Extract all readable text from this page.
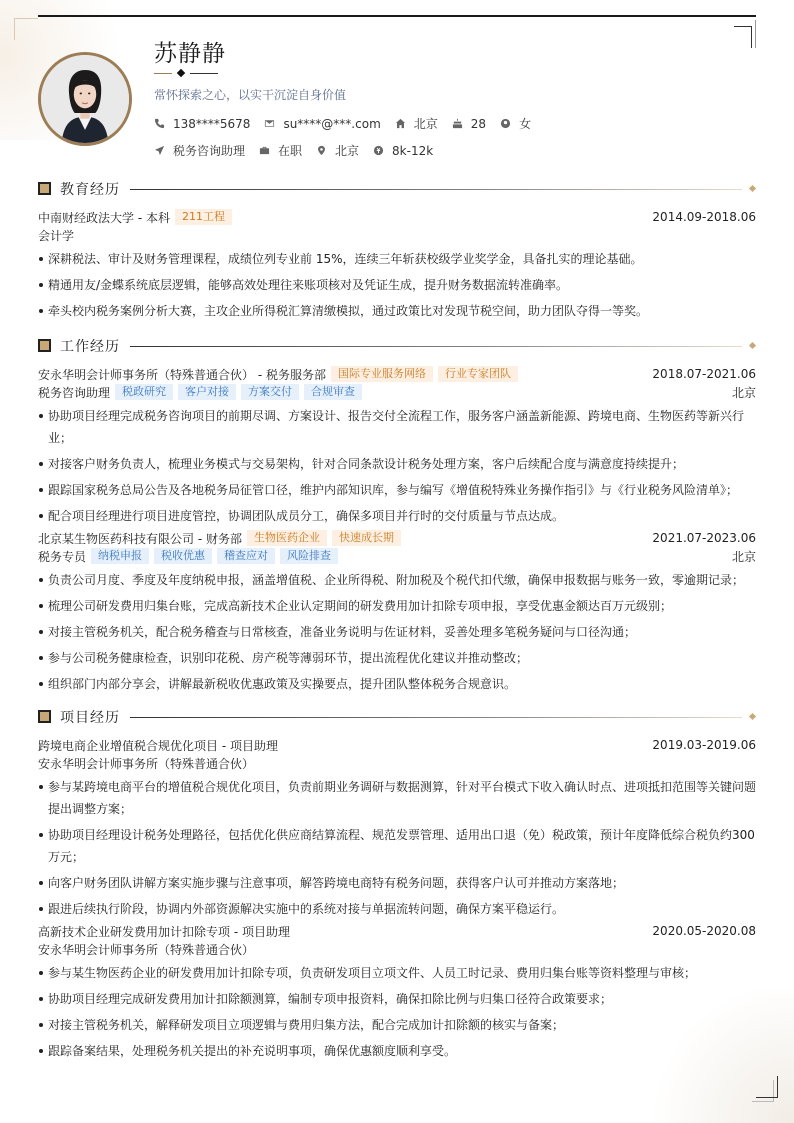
苏静静
常怀探索之心，以实干沉淀自身价值
138****5678	su****@***.com	北京	28	女
税务咨询助理	在职	北京	8k-12k
教育经历
中南财经政法大学 - 本科	211工程	2014.09-2018.06
会计学
深耕税法、审计及财务管理课程，成绩位列专业前 15%，连续三年斩获校级学业奖学金，具备扎实的理论基础。
精通用友/金蝶系统底层逻辑，能够高效处理往来账项核对及凭证生成，提升财务数据流转准确率。
牵头校内税务案例分析大赛，主攻企业所得税汇算清缴模拟，通过政策比对发现节税空间，助力团队夺得一等奖。
工作经历
安永华明会计师事务所（特殊普通合伙） - 税务服务部	国际专业服务网络	行业专家团队	2018.07-2021.06
税务咨询助理	税政研究	客户对接	方案交付	合规审查	北京
协助项目经理完成税务咨询项目的前期尽调、方案设计、报告交付全流程工作，服务客户涵盖新能源、跨境电商、生物医药等新兴行业；
对接客户财务负责人，梳理业务模式与交易架构，针对合同条款设计税务处理方案，客户后续配合度与满意度持续提升；
跟踪国家税务总局公告及各地税务局征管口径，维护内部知识库，参与编写《增值税特殊业务操作指引》与《行业税务风险清单》；
配合项目经理进行项目进度管控，协调团队成员分工，确保多项目并行时的交付质量与节点达成。
北京某生物医药科技有限公司 - 财务部	生物医药企业	快速成长期	2021.07-2023.06
税务专员	纳税申报	税收优惠	稽查应对	风险排查	北京
负责公司月度、季度及年度纳税申报，涵盖增值税、企业所得税、附加税及个税代扣代缴，确保申报数据与账务一致，零逾期记录；
梳理公司研发费用归集台账，完成高新技术企业认定期间的研发费用加计扣除专项申报，享受优惠金额达百万元级别；
对接主管税务机关，配合税务稽查与日常核查，准备业务说明与佐证材料，妥善处理多笔税务疑问与口径沟通；
参与公司税务健康检查，识别印花税、房产税等薄弱环节，提出流程优化建议并推动整改；
组织部门内部分享会，讲解最新税收优惠政策及实操要点，提升团队整体税务合规意识。
项目经历
跨境电商企业增值税合规优化项目 - 项目助理	2019.03-2019.06
安永华明会计师事务所（特殊普通合伙）
参与某跨境电商平台的增值税合规优化项目，负责前期业务调研与数据测算，针对平台模式下收入确认时点、进项抵扣范围等关键问题提出调整方案；
协助项目经理设计税务处理路径，包括优化供应商结算流程、规范发票管理、适用出口退（免）税政策，预计年度降低综合税负约300万元；
向客户财务团队讲解方案实施步骤与注意事项，解答跨境电商特有税务问题，获得客户认可并推动方案落地；
跟进后续执行阶段，协调内外部资源解决实施中的系统对接与单据流转问题，确保方案平稳运行。
高新技术企业研发费用加计扣除专项 - 项目助理	2020.05-2020.08
安永华明会计师事务所（特殊普通合伙）
参与某生物医药企业的研发费用加计扣除专项，负责研发项目立项文件、人员工时记录、费用归集台账等资料整理与审核；
协助项目经理完成研发费用加计扣除额测算，编制专项申报资料，确保扣除比例与归集口径符合政策要求；
对接主管税务机关，解释研发项目立项逻辑与费用归集方法，配合完成加计扣除额的核实与备案；
跟踪备案结果，处理税务机关提出的补充说明事项，确保优惠额度顺利享受。
